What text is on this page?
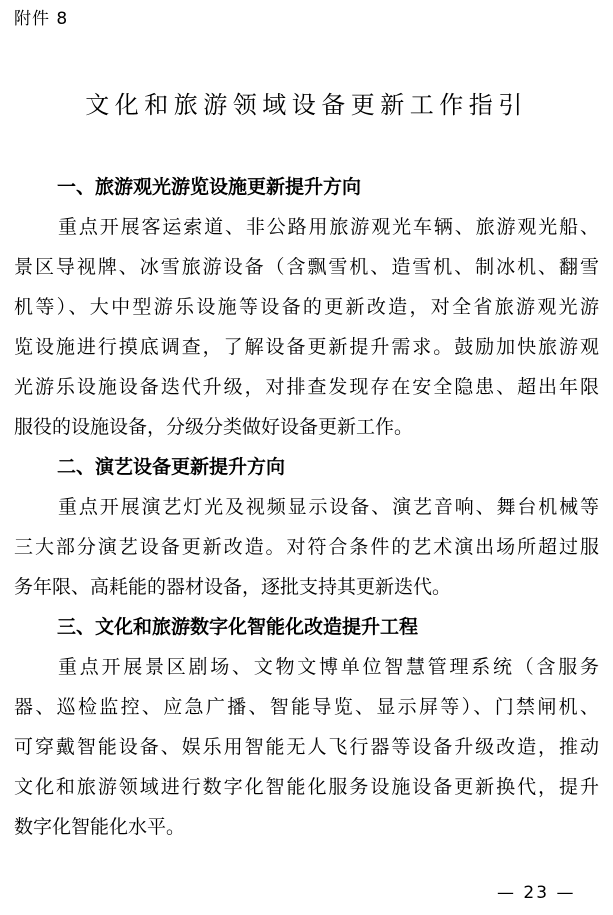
附件 8
文化和旅游领域设备更新工作指引
一、旅游观光游览设施更新提升方向
重点开展客运索道、非公路用旅游观光车辆、旅游观光船、
景区导视牌、冰雪旅游设备（含飘雪机、造雪机、制冰机、翻雪
机等）、大中型游乐设施等设备的更新改造，对全省旅游观光游
览设施进行摸底调查，了解设备更新提升需求。鼓励加快旅游观
光游乐设施设备迭代升级，对排查发现存在安全隐患、超出年限
服役的设施设备，分级分类做好设备更新工作。
二、演艺设备更新提升方向
重点开展演艺灯光及视频显示设备、演艺音响、舞台机械等
三大部分演艺设备更新改造。对符合条件的艺术演出场所超过服
务年限、高耗能的器材设备，逐批支持其更新迭代。
三、文化和旅游数字化智能化改造提升工程
重点开展景区剧场、文物文博单位智慧管理系统（含服务
器、巡检监控、应急广播、智能导览、显示屏等）、门禁闸机、
可穿戴智能设备、娱乐用智能无人飞行器等设备升级改造，推动
文化和旅游领域进行数字化智能化服务设施设备更新换代，提升
数字化智能化水平。
— 23 —
